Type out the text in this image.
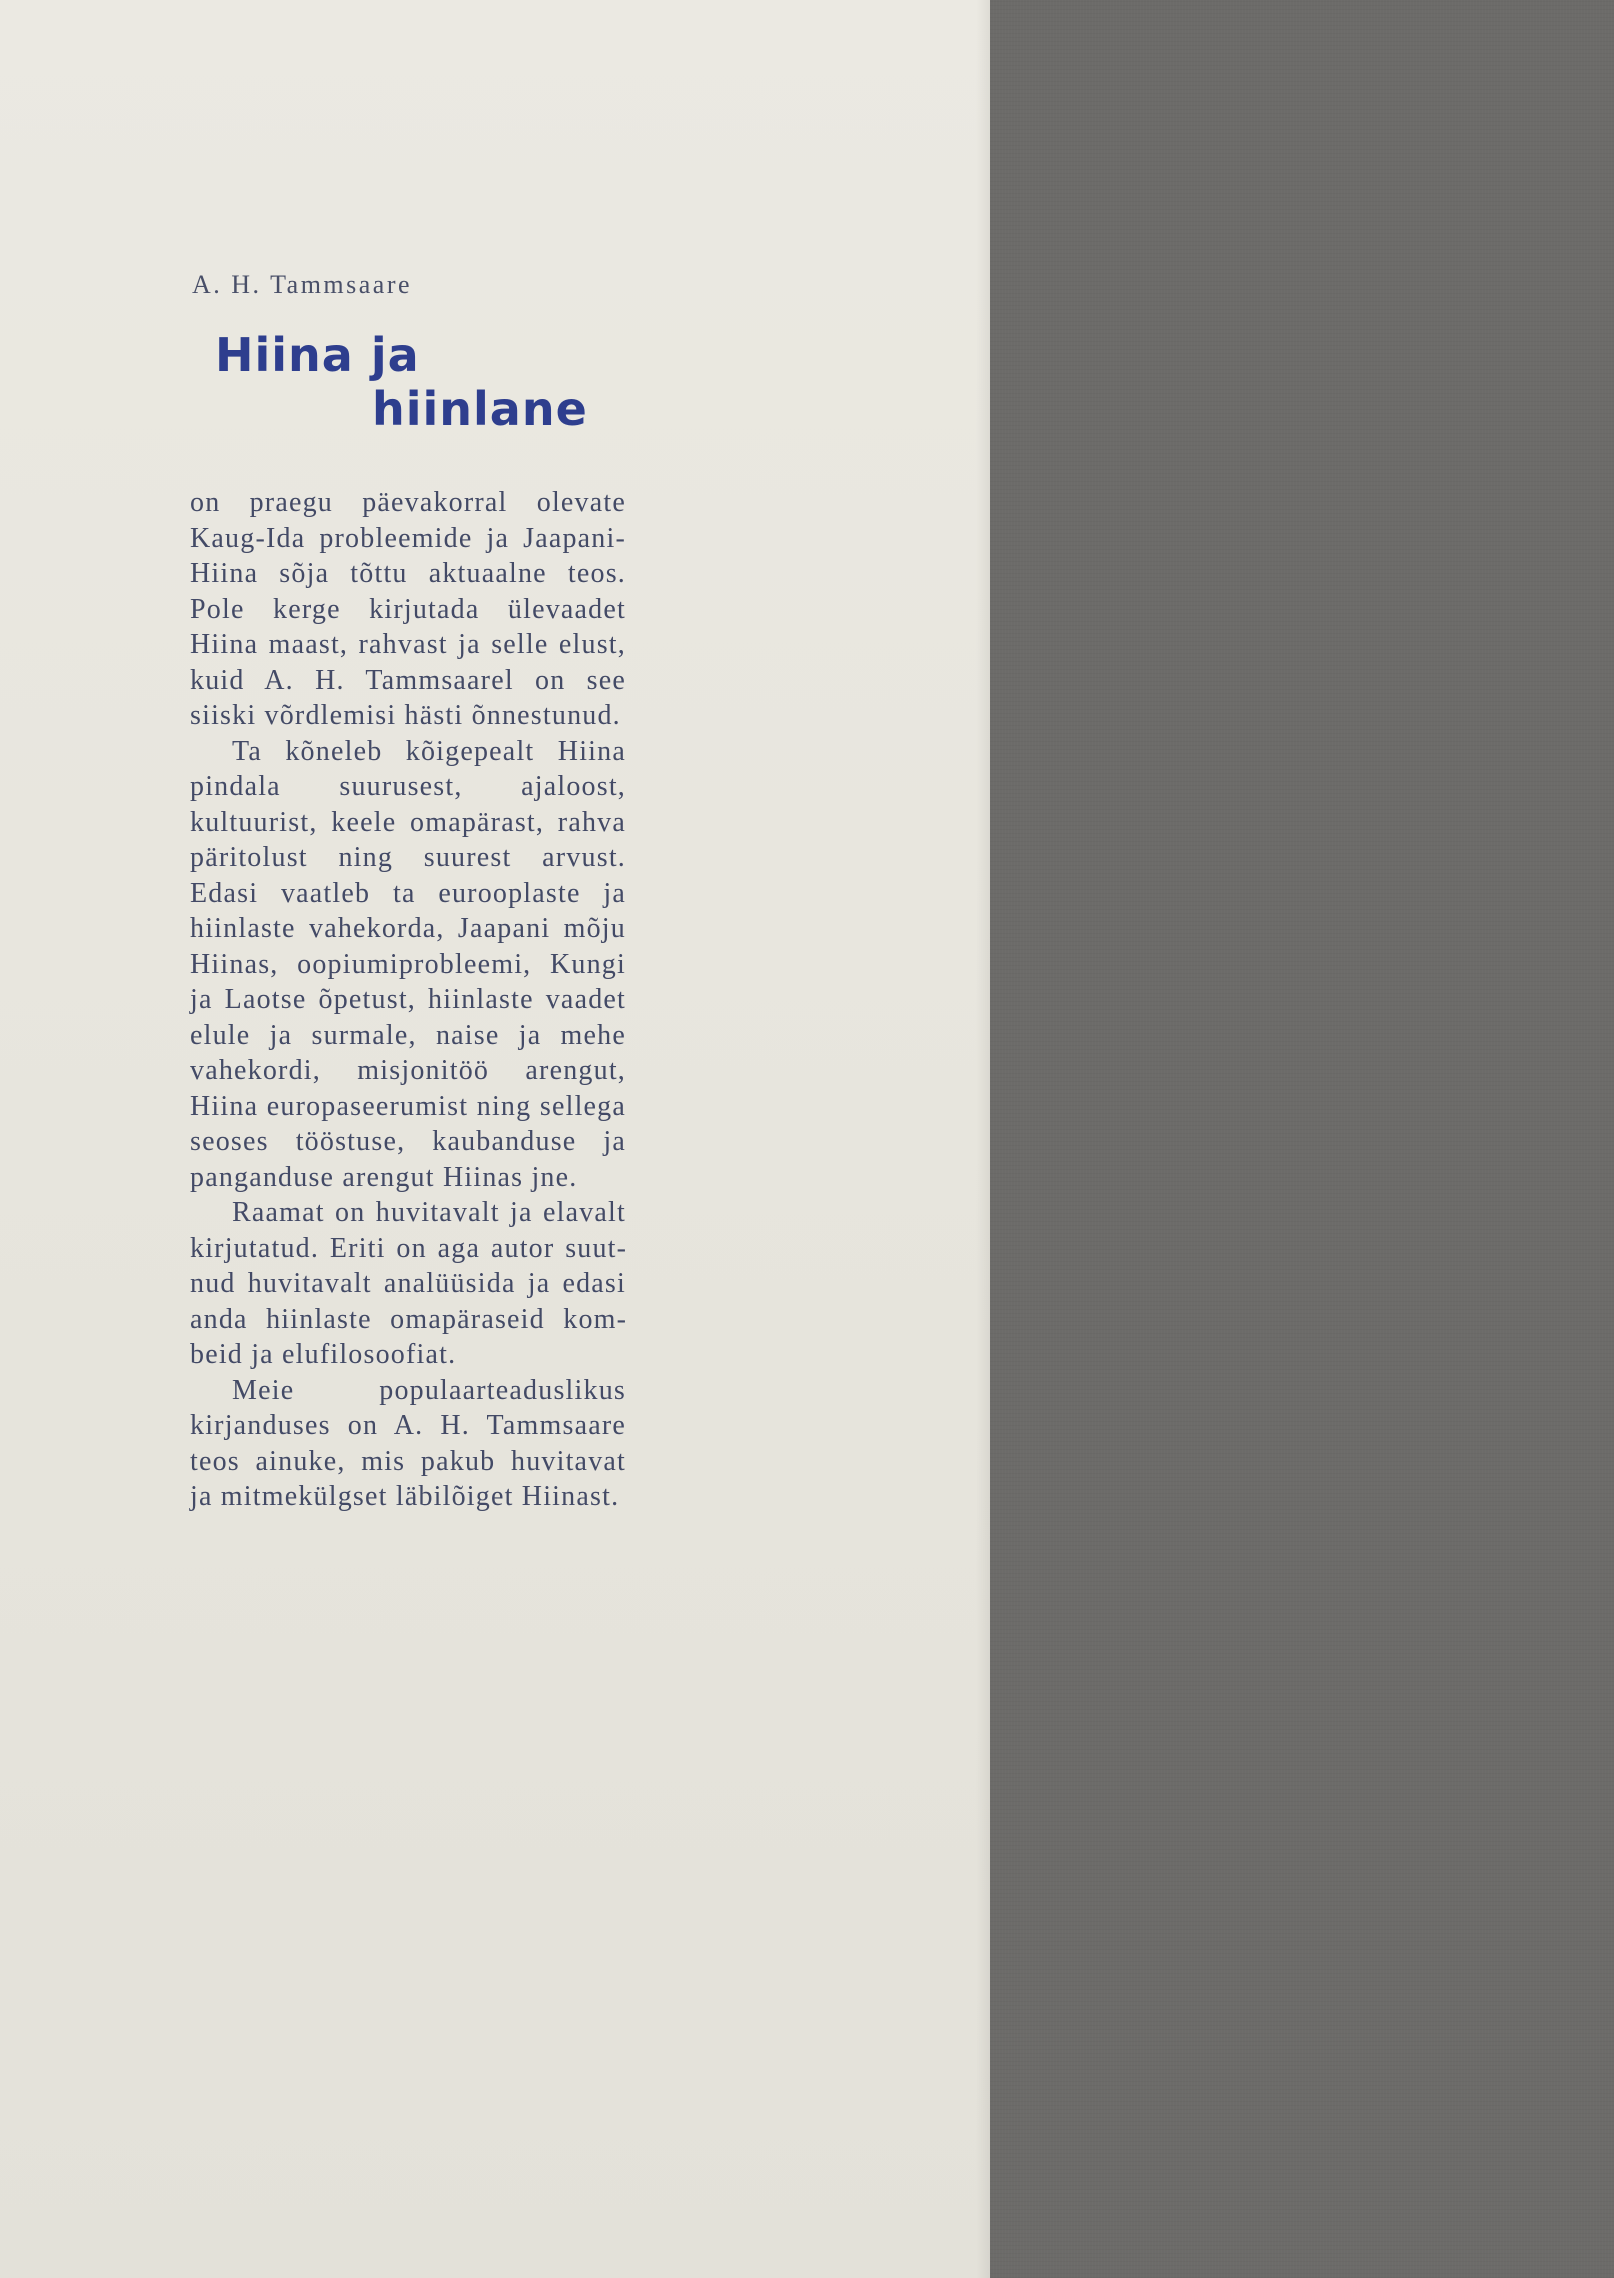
A. H. Tammsaare
Hiina ja
hiinlane

on praegu päevakorral olevate Kaug-Ida probleemide ja Jaapani-Hiina sõja tõttu aktuaalne teos. Pole kerge kirjutada ülevaadet Hiina maast, rahvast ja selle elust, kuid A. H. Tammsaarel on see siiski võrdlemisi hästi õnnestunud.

Ta kõneleb kõigepealt Hiina pindala suurusest, ajaloost, kultuurist, keele omapärast, rahva päritolust ning suurest arvust. Edasi vaatleb ta eurooplaste ja hiinlaste vahekorda, Jaapani mõju Hiinas, oopiumiprobleemi, Kungi ja Laotse õpetust, hiinlaste vaadet elule ja surmale, naise ja mehe vahekordi, misjonitöö arengut, Hiina europaseerumist ning sellega seoses tööstuse, kaubanduse ja panganduse arengut Hiinas jne.

Raamat on huvitavalt ja elavalt kirjutatud. Eriti on aga autor suutnud huvitavalt analüüsida ja edasi anda hiinlaste omapäraseid kombeid ja elufilosoofiat.

Meie populaarteaduslikus kirjanduses on A. H. Tammsaare teos ainuke, mis pakub huvitavat ja mitmekülgset läbilõiget Hiinast.
